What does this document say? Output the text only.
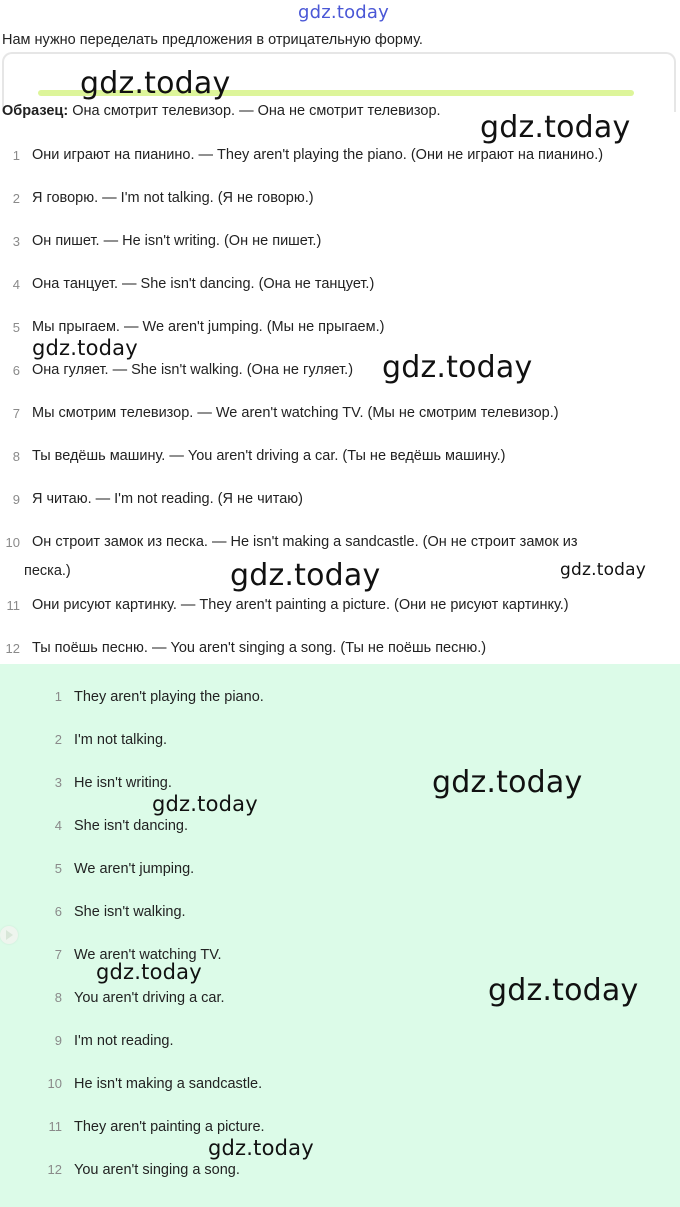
gdz.today
Нам нужно переделать предложения в отрицательную форму.
gdz.today
Образец: Она смотрит телевизор. — Она не смотрит телевизор. gdz.today
1 Они играют на пианино. — They aren't playing the piano. (Они не играют на пианино.)
2 Я говорю. — I'm not talking. (Я не говорю.)
3 Он пишет. — He isn't writing. (Он не пишет.)
4 Она танцует. — She isn't dancing. (Она не танцует.)
5 Мы прыгаем. — We aren't jumping. (Мы не прыгаем.)
6 Она гуляет. — She isn't walking. (Она не гуляет.)
7 Мы смотрим телевизор. — We aren't watching TV. (Мы не смотрим телевизор.)
8 Ты ведёшь машину. — You aren't driving a car. (Ты не ведёшь машину.)
9 Я читаю. — I'm not reading. (Я не читаю)
10 Он строит замок из песка. — He isn't making a sandcastle. (Он не строит замок из
песка.)
11 Они рисуют картинку. — They aren't painting a picture. (Они не рисуют картинку.)
12 Ты поёшь песню. — You aren't singing a song. (Ты не поёшь песню.)
gdz.today
gdz.today
gdz.today	gdz.today
1 They aren't playing the piano.
2 I'm not talking.
3 He isn't writing.
4 She isn't dancing.
5 We aren't jumping.
6 She isn't walking.
7 We aren't watching TV.
8 You aren't driving a car.
9 I'm not reading.
10 He isn't making a sandcastle.
11 They aren't painting a picture.
12 You aren't singing a song.
gdz.today
gdz.today
gdz.today
gdz.today
gdz.today
